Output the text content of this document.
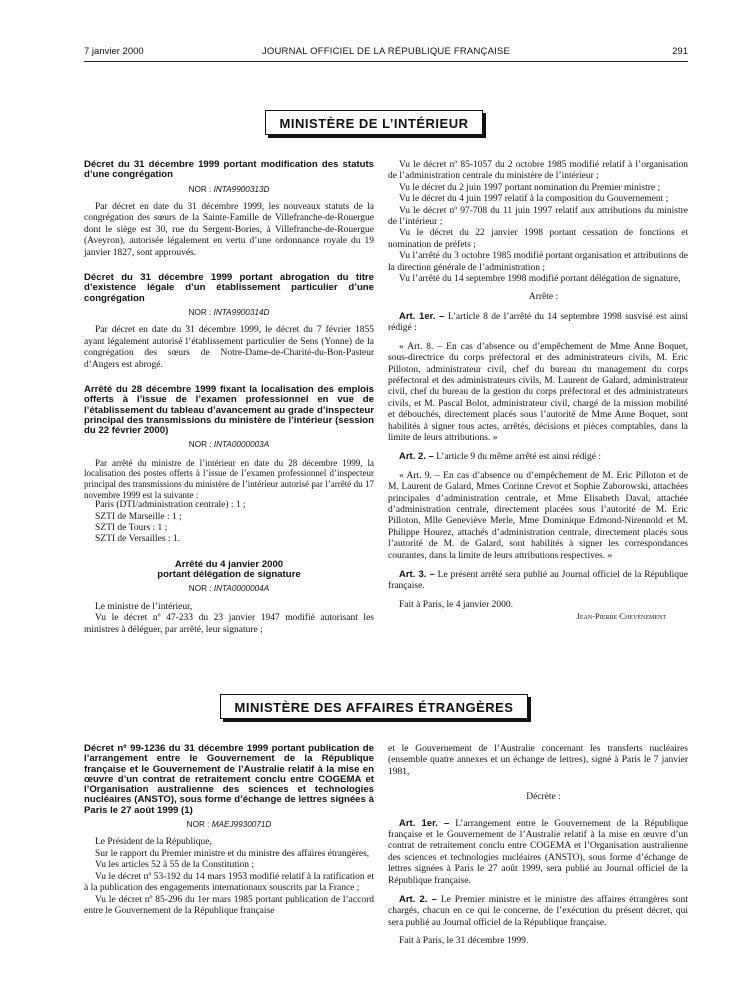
7 janvier 2000	JOURNAL OFFICIEL DE LA RÉPUBLIQUE FRANÇAISE	291
MINISTÈRE DE L’INTÉRIEUR
Décret du 31 décembre 1999 portant modification des statuts d’une congrégation
NOR : INTA9900313D

Par décret en date du 31 décembre 1999, les nouveaux statuts de la congrégation des sœurs de la Sainte-Famille de Villefranche-de-Rouergue dont le siège est 30, rue du Sergent-Bories, à Villefranche-de-Rouergue (Aveyron), autorisée légalement en vertu d’une ordonnance royale du 19 janvier 1827, sont approuvés.

Décret du 31 décembre 1999 portant abrogation du titre d’existence légale d’un établissement particulier d’une congrégation
NOR : INTA9900314D

Par décret en date du 31 décembre 1999, le décret du 7 février 1855 ayant légalement autorisé l’établissement particulier de Sens (Yonne) de la congrégation des sœurs de Notre-Dame-de-Charité-du-Bon-Pasteur d’Angers est abrogé.

Arrêté du 28 décembre 1999 fixant la localisation des emplois offerts à l’issue de l’examen professionnel en vue de l’établissement du tableau d’avancement au grade d’inspecteur principal des transmissions du ministère de l’intérieur (session du 22 février 2000)
NOR : INTA0000003A

Par arrêté du ministre de l’intérieur en date du 28 décembre 1999, la localisation des postes offerts à l’issue de l’examen professionnel d’inspecteur principal des transmissions du ministère de l’intérieur autorisé par l’arrêté du 17 novembre 1999 est la suivante :

Paris (DTI/administration centrale) : 1 ;

SZTI de Marseille : 1 ;

SZTI de Tours : 1 ;

SZTI de Versailles : 1.

Arrêté du 4 janvier 2000
portant délégation de signature
NOR : INTA0000004A

Le ministre de l’intérieur,

Vu le décret nº 47-233 du 23 janvier 1947 modifié autorisant les ministres à déléguer, par arrêté, leur signature ;

Vu le décret nº 85-1057 du 2 octobre 1985 modifié relatif à l’organisation de l’administration centrale du ministère de l’intérieur ;

Vu le décret du 2 juin 1997 portant nomination du Premier ministre ;

Vu le décret du 4 juin 1997 relatif à la composition du Gouvernement ;

Vu le décret nº 97-708 du 11 juin 1997 relatif aux attributions du ministre de l’intérieur ;

Vu le décret du 22 janvier 1998 portant cessation de fonctions et nomination de préfets ;

Vu l’arrêté du 3 octobre 1985 modifié portant organisation et attributions de la direction générale de l’administration ;

Vu l’arrêté du 14 septembre 1998 modifié portant délégation de signature,

Arrête :

Art. 1er. – L’article 8 de l’arrêté du 14 septembre 1998 susvisé est ainsi rédigé :

« Art. 8. – En cas d’absence ou d’empêchement de Mme Anne Boquet, sous-directrice du corps préfectoral et des administrateurs civils, M. Eric Pilloton, administrateur civil, chef du bureau du management du corps préfectoral et des administrateurs civils, M. Laurent de Galard, administrateur civil, chef du bureau de la gestion du corps préfectoral et des administrateurs civils, et M. Pascal Bolot, administrateur civil, chargé de la mission mobilité et débouchés, directement placés sous l’autorité de Mme Anne Boquet, sont habilités à signer tous actes, arrêtés, décisions et pièces comptables, dans la limite de leurs attributions. »

Art. 2. – L’article 9 du même arrêté est ainsi rédigé :

« Art. 9. – En cas d’absence ou d’empêchement de M. Eric Pilloton et de M. Laurent de Galard, Mmes Corinne Crevot et Sophie Zaborowski, attachées principales d’administration centrale, et Mme Elisabeth Daval, attachée d’administration centrale, directement placées sous l’autorité de M. Eric Pilloton, Mlle Geneviève Merle, Mme Dominique Edmond-Nirennold et M. Philippe Hourez, attachés d’administration centrale, directement placés sous l’autorité de M. de Galard, sont habilités à signer les correspondances courantes, dans la limite de leurs attributions respectives. »

Art. 3. – Le présent arrêté sera publié au Journal officiel de la République française.

Fait à Paris, le 4 janvier 2000.

Jean-Pierre Chevènement
MINISTÈRE DES AFFAIRES ÉTRANGÈRES
Décret nº 99-1236 du 31 décembre 1999 portant publication de l’arrangement entre le Gouvernement de la République française et le Gouvernement de l’Australie relatif à la mise en œuvre d’un contrat de retraitement conclu entre COGEMA et l’Organisation australienne des sciences et technologies nucléaires (ANSTO), sous forme d’échange de lettres signées à Paris le 27 août 1999 (1)
NOR : MAEJ9930071D

Le Président de la République,

Sur le rapport du Premier ministre et du ministre des affaires étrangères,

Vu les articles 52 à 55 de la Constitution ;

Vu le décret nº 53-192 du 14 mars 1953 modifié relatif à la ratification et à la publication des engagements internationaux souscrits par la France ;

Vu le décret nº 85-296 du 1er mars 1985 portant publication de l’accord entre le Gouvernement de la République française

et le Gouvernement de l’Australie concernant les transferts nucléaires (ensemble quatre annexes et un échange de lettres), signé à Paris le 7 janvier 1981,

Décrète :

Art. 1er. – L’arrangement entre le Gouvernement de la République française et le Gouvernement de l’Australie relatif à la mise en œuvre d’un contrat de retraitement conclu entre COGEMA et l’Organisation australienne des sciences et technologies nucléaires (ANSTO), sous forme d’échange de lettres signées à Paris le 27 août 1999, sera publié au Journal officiel de la République française.

Art. 2. – Le Premier ministre et le ministre des affaires étrangères sont chargés, chacun en ce qui le concerne, de l’exécution du présent décret, qui sera publié au Journal officiel de la République française.

Fait à Paris, le 31 décembre 1999.
